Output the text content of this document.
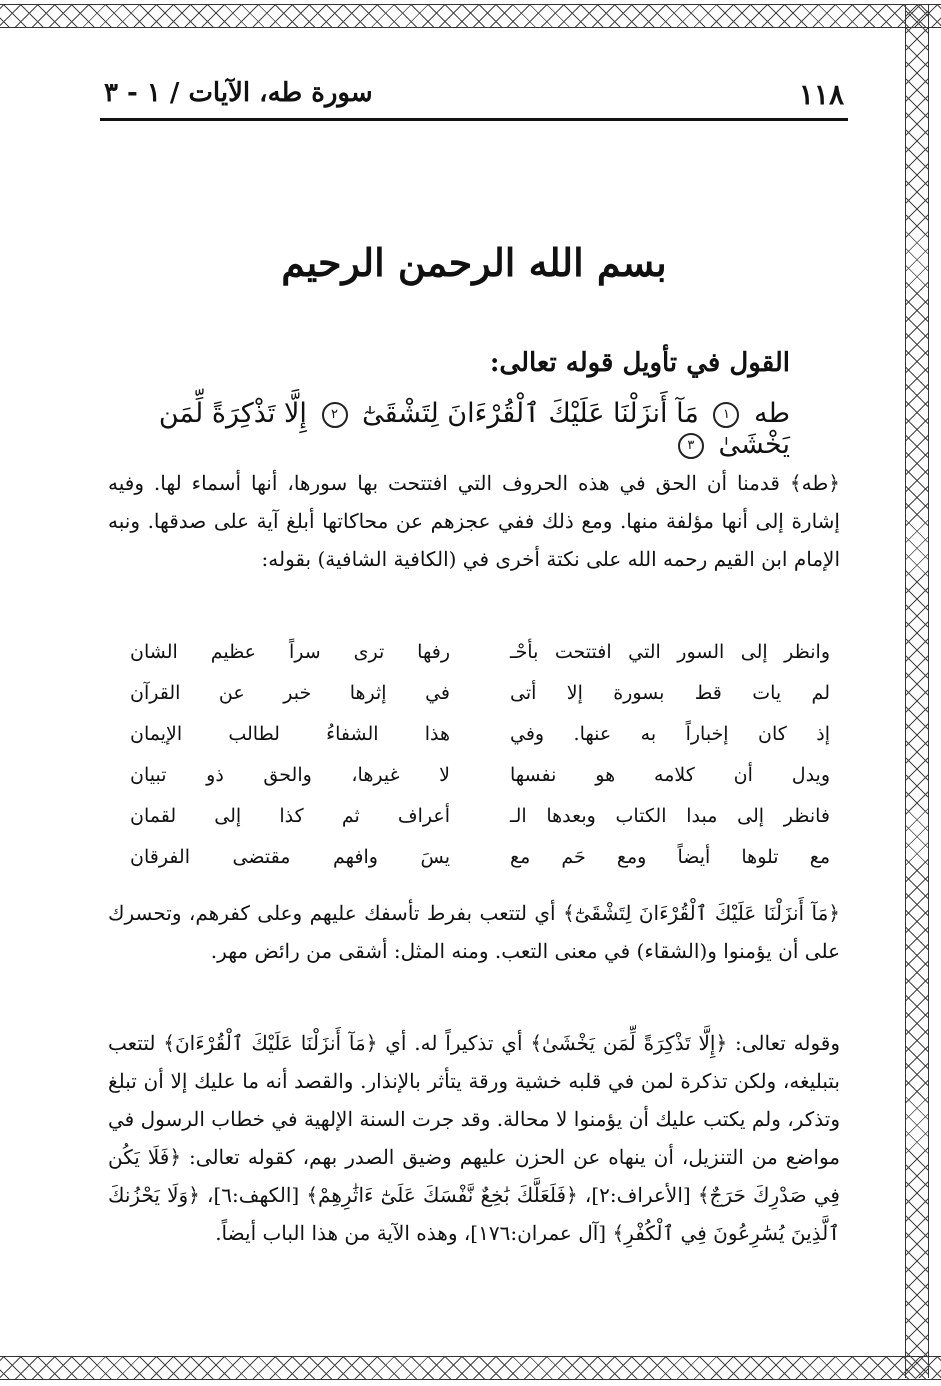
١١٨
سورة طه، الآيات / ١ - ٣
بسم الله الرحمن الرحيم
القول في تأويل قوله تعالى:
طه ١ مَآ أَنزَلْنَا عَلَيْكَ ٱلْقُرْءَانَ لِتَشْقَىٰٓ ٢ إِلَّا تَذْكِرَةً لِّمَن يَخْشَىٰ ٣
﴿طه﴾ قدمنا أن الحق في هذه الحروف التي افتتحت بها سورها، أنها أسماء لها. وفيه إشارة إلى أنها مؤلفة منها. ومع ذلك ففي عجزهم عن محاكاتها أبلغ آية على صدقها. ونبه الإمام ابن القيم رحمه الله على نكتة أخرى في (الكافية الشافية) بقوله:
وانظر إلى السور التي افتتحت بأحْـ
رفها ترى سراً عظيم الشان
لم يات قط بسورة إلا أتى
في إثرها خبر عن القرآن
إذ كان إخباراً به عنها. وفي
هذا الشفاءُ لطالب الإيمان
ويدل أن كلامه هو نفسها
لا غيرها، والحق ذو تبيان
فانظر إلى مبدا الكتاب وبعدها الـ
أعراف ثم كذا إلى لقمان
مع تلوها أيضاً ومع حَم مع
يسَ وافهم مقتضى الفرقان
﴿مَآ أَنزَلْنَا عَلَيْكَ ٱلْقُرْءَانَ لِتَشْقَىٰٓ﴾ أي لتتعب بفرط تأسفك عليهم وعلى كفرهم، وتحسرك على أن يؤمنوا و(الشقاء) في معنى التعب. ومنه المثل: أشقى من رائض مهر.
وقوله تعالى: ﴿إِلَّا تَذْكِرَةً لِّمَن يَخْشَىٰ﴾ أي تذكيراً له. أي ﴿مَآ أَنزَلْنَا عَلَيْكَ ٱلْقُرْءَانَ﴾ لتتعب بتبليغه، ولكن تذكرة لمن في قلبه خشية ورقة يتأثر بالإنذار. والقصد أنه ما عليك إلا أن تبلغ وتذكر، ولم يكتب عليك أن يؤمنوا لا محالة. وقد جرت السنة الإلهية في خطاب الرسول في مواضع من التنزيل، أن ينهاه عن الحزن عليهم وضيق الصدر بهم، كقوله تعالى: ﴿فَلَا يَكُن فِي صَدْرِكَ حَرَجٌ﴾ [الأعراف:٢]، ﴿فَلَعَلَّكَ بَٰخِعٌ نَّفْسَكَ عَلَىٰٓ ءَاثَٰرِهِمْ﴾ [الكهف:٦]، ﴿وَلَا يَحْزُنكَ ٱلَّذِينَ يُسَٰرِعُونَ فِي ٱلْكُفْرِ﴾ [آل عمران:١٧٦]، وهذه الآية من هذا الباب أيضاً.
